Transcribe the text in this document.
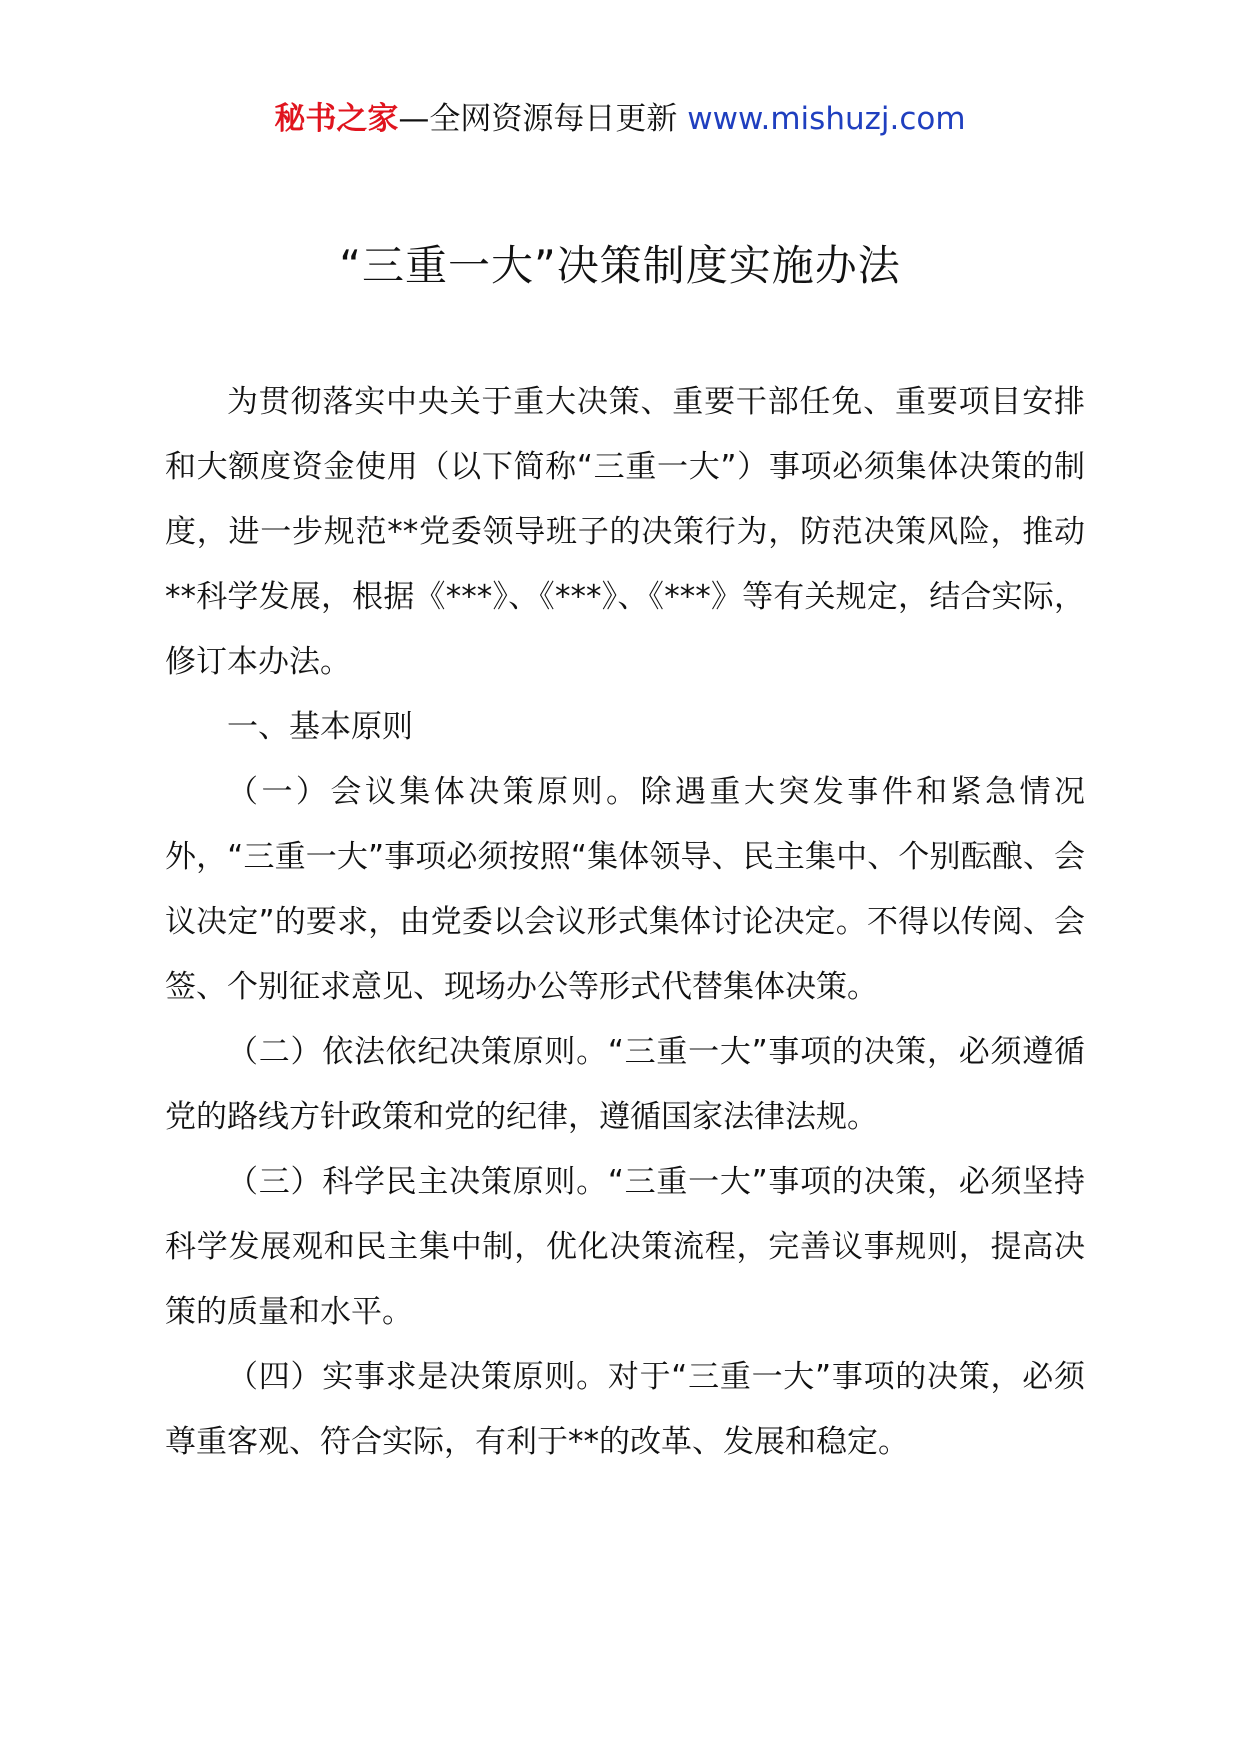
秘书之家—全网资源每日更新 www.mishuzj.com
“三重一大”决策制度实施办法

为贯彻落实中央关于重大决策、重要干部任免、重要项目安排和大额度资金使用（以下简称“三重一大”）事项必须集体决策的制度，进一步规范**党委领导班子的决策行为，防范决策风险，推动**科学发展，根据《***》、《***》、《***》等有关规定，结合实际，修订本办法。

一、基本原则

（一）会议集体决策原则。除遇重大突发事件和紧急情况外，“三重一大”事项必须按照“集体领导、民主集中、个别酝酿、会议决定”的要求，由党委以会议形式集体讨论决定。不得以传阅、会签、个别征求意见、现场办公等形式代替集体决策。

（二）依法依纪决策原则。“三重一大”事项的决策，必须遵循党的路线方针政策和党的纪律，遵循国家法律法规。

（三）科学民主决策原则。“三重一大”事项的决策，必须坚持科学发展观和民主集中制，优化决策流程，完善议事规则，提高决策的质量和水平。

（四）实事求是决策原则。对于“三重一大”事项的决策，必须尊重客观、符合实际，有利于**的改革、发展和稳定。
